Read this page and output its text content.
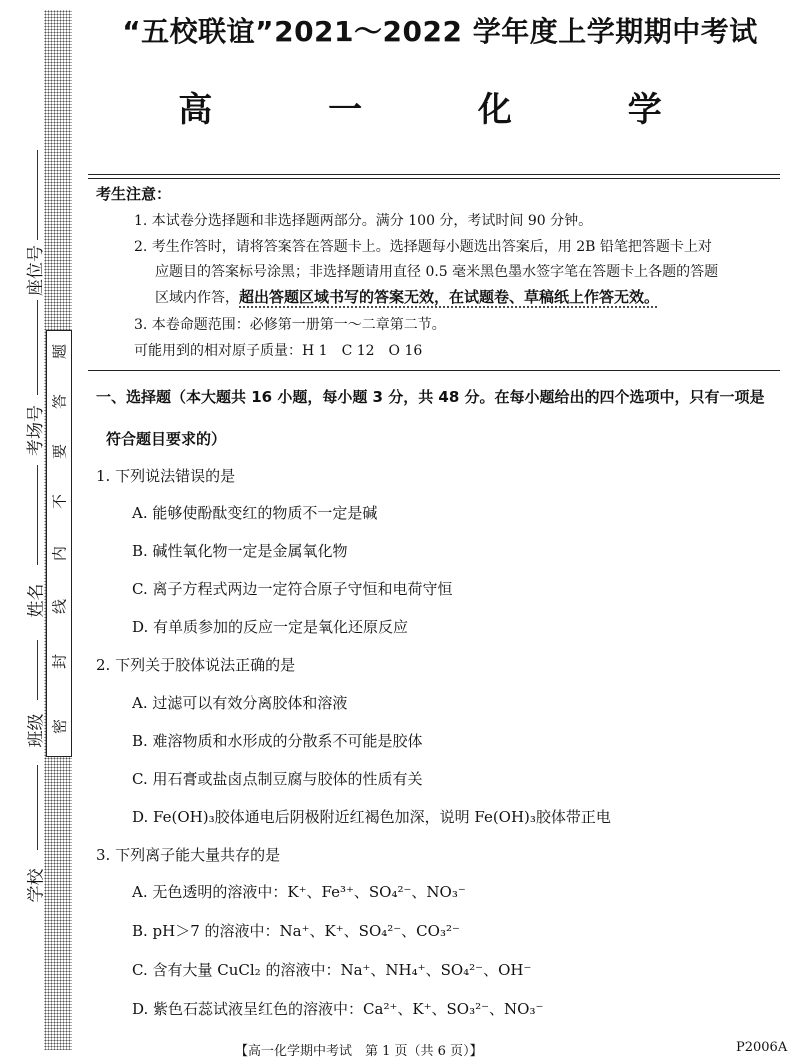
题
答
要
不
内
线
封
密
座位号
考场号
姓名
班级
学校
“五校联谊”2021～2022 学年度上学期期中考试
高 一 化 学
考生注意：
1. 本试卷分选择题和非选择题两部分。满分 100 分，考试时间 90 分钟。
2. 考生作答时，请将答案答在答题卡上。选择题每小题选出答案后，用 2B 铅笔把答题卡上对
应题目的答案标号涂黑；非选择题请用直径 0.5 毫米黑色墨水签字笔在答题卡上各题的答题
区域内作答，超出答题区域书写的答案无效，在试题卷、草稿纸上作答无效。
3. 本卷命题范围：必修第一册第一～二章第二节。
可能用到的相对原子质量：H 1　C 12　O 16
一、选择题（本大题共 16 小题，每小题 3 分，共 48 分。在每小题给出的四个选项中，只有一项是
符合题目要求的）
1. 下列说法错误的是
A. 能够使酚酞变红的物质不一定是碱
B. 碱性氧化物一定是金属氧化物
C. 离子方程式两边一定符合原子守恒和电荷守恒
D. 有单质参加的反应一定是氧化还原反应
2. 下列关于胶体说法正确的是
A. 过滤可以有效分离胶体和溶液
B. 难溶物质和水形成的分散系不可能是胶体
C. 用石膏或盐卤点制豆腐与胶体的性质有关
D. Fe(OH)₃胶体通电后阴极附近红褐色加深，说明 Fe(OH)₃胶体带正电
3. 下列离子能大量共存的是
A. 无色透明的溶液中：K⁺、Fe³⁺、SO₄²⁻、NO₃⁻
B. pH＞7 的溶液中：Na⁺、K⁺、SO₄²⁻、CO₃²⁻
C. 含有大量 CuCl₂ 的溶液中：Na⁺、NH₄⁺、SO₄²⁻、OH⁻
D. 紫色石蕊试液呈红色的溶液中：Ca²⁺、K⁺、SO₃²⁻、NO₃⁻
【高一化学期中考试　第 1 页（共 6 页）】	P2006A
